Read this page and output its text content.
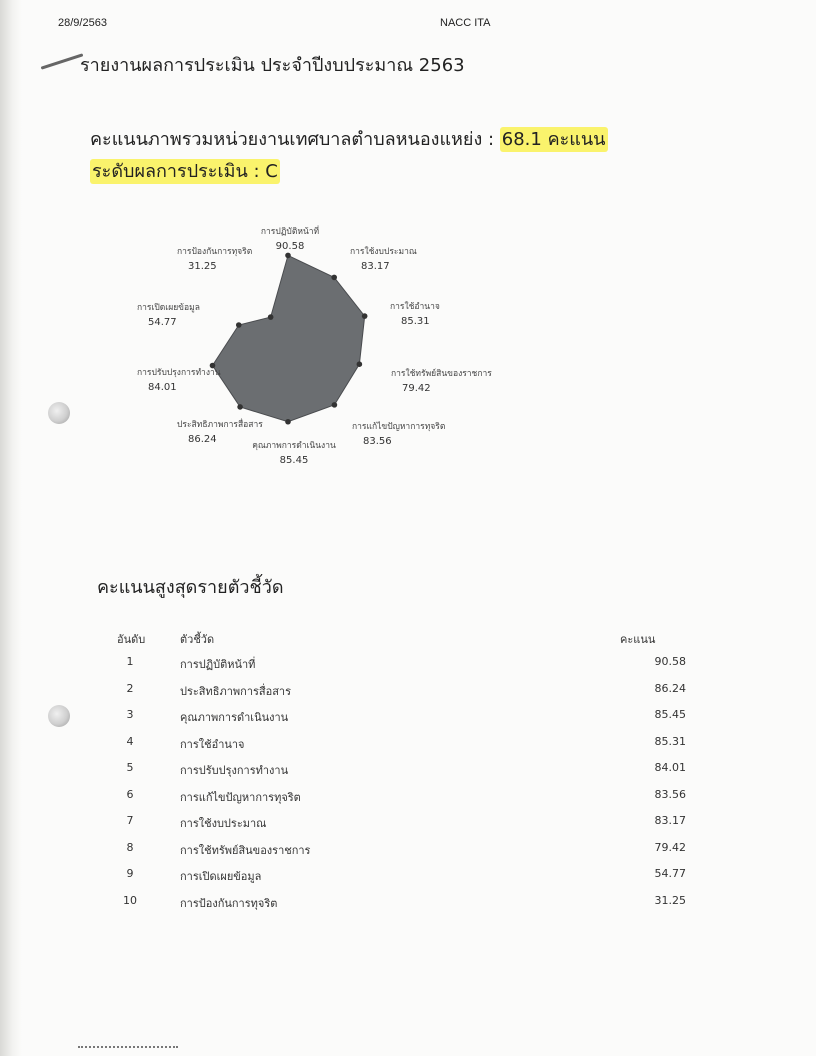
28/9/2563	NACC ITA
รายงานผลการประเมิน ประจำปีงบประมาณ 2563
คะแนนภาพรวมหน่วยงานเทศบาลตำบลหนองแหย่ง : 68.1 คะแนน
ระดับผลการประเมิน : C
การปฏิบัติหน้าที่
90.58	การใช้งบประมาณ
83.17
การใช้อำนาจ
85.31
การใช้ทรัพย์สินของราชการ
79.42
การแก้ไขปัญหาการทุจริต
83.56
คุณภาพการดำเนินงาน
85.45
ประสิทธิภาพการสื่อสาร
86.24
การปรับปรุงการทำงาน
84.01
การเปิดเผยข้อมูล
54.77
การป้องกันการทุจริต
31.25
คะแนนสูงสุดรายตัวชี้วัด
อันดับ	ตัวชี้วัด	คะแนน
1	การปฏิบัติหน้าที่	90.58
2	ประสิทธิภาพการสื่อสาร	86.24
3	คุณภาพการดำเนินงาน	85.45
4	การใช้อำนาจ	85.31
5	การปรับปรุงการทำงาน	84.01
6	การแก้ไขปัญหาการทุจริต	83.56
7	การใช้งบประมาณ	83.17
8	การใช้ทรัพย์สินของราชการ	79.42
9	การเปิดเผยข้อมูล	54.77
10	การป้องกันการทุจริต	31.25
